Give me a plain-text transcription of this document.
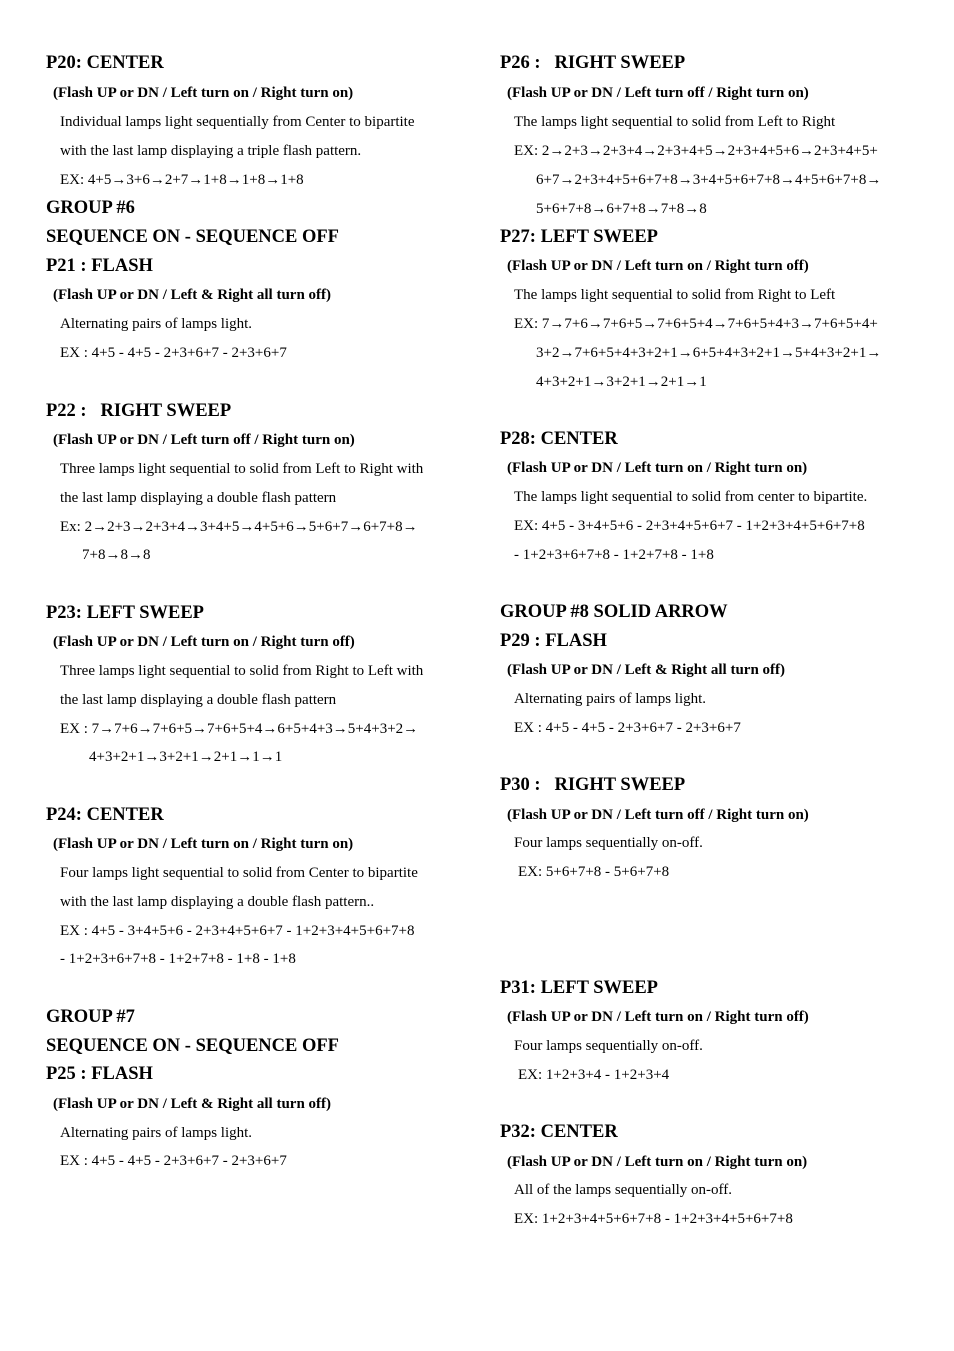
P20: CENTER
(Flash UP or DN / Left turn on / Right turn on)
Individual lamps light sequentially from Center to bipartite
with the last lamp displaying a triple flash pattern.
EX: 4+5→3+6→2+7→1+8→1+8→1+8
GROUP #6
SEQUENCE ON - SEQUENCE OFF
P21 : FLASH
(Flash UP or DN / Left & Right all turn off)
Alternating pairs of lamps light.
EX : 4+5 - 4+5 - 2+3+6+7 - 2+3+6+7
P22 :   RIGHT SWEEP
(Flash UP or DN / Left turn off / Right turn on)
Three lamps light sequential to solid from Left to Right with
the last lamp displaying a double flash pattern
Ex: 2→2+3→2+3+4→3+4+5→4+5+6→5+6+7→6+7+8→
7+8→8→8
P23: LEFT SWEEP
(Flash UP or DN / Left turn on / Right turn off)
Three lamps light sequential to solid from Right to Left with
the last lamp displaying a double flash pattern
EX : 7→7+6→7+6+5→7+6+5+4→6+5+4+3→5+4+3+2→
4+3+2+1→3+2+1→2+1→1→1
P24: CENTER
(Flash UP or DN / Left turn on / Right turn on)
Four lamps light sequential to solid from Center to bipartite
with the last lamp displaying a double flash pattern..
EX : 4+5 - 3+4+5+6 - 2+3+4+5+6+7 - 1+2+3+4+5+6+7+8
- 1+2+3+6+7+8 - 1+2+7+8 - 1+8 - 1+8
GROUP #7
SEQUENCE ON - SEQUENCE OFF
P25 : FLASH
(Flash UP or DN / Left & Right all turn off)
Alternating pairs of lamps light.
EX : 4+5 - 4+5 - 2+3+6+7 - 2+3+6+7
P26 :   RIGHT SWEEP
(Flash UP or DN / Left turn off / Right turn on)
The lamps light sequential to solid from Left to Right
EX: 2→2+3→2+3+4→2+3+4+5→2+3+4+5+6→2+3+4+5+
6+7→2+3+4+5+6+7+8→3+4+5+6+7+8→4+5+6+7+8→
5+6+7+8→6+7+8→7+8→8
P27: LEFT SWEEP
(Flash UP or DN / Left turn on / Right turn off)
The lamps light sequential to solid from Right to Left
EX: 7→7+6→7+6+5→7+6+5+4→7+6+5+4+3→7+6+5+4+
3+2→7+6+5+4+3+2+1→6+5+4+3+2+1→5+4+3+2+1→
4+3+2+1→3+2+1→2+1→1
P28: CENTER
(Flash UP or DN / Left turn on / Right turn on)
The lamps light sequential to solid from center to bipartite.
EX: 4+5 - 3+4+5+6 - 2+3+4+5+6+7 - 1+2+3+4+5+6+7+8
- 1+2+3+6+7+8 - 1+2+7+8 - 1+8
GROUP #8 SOLID ARROW
P29 : FLASH
(Flash UP or DN / Left & Right all turn off)
Alternating pairs of lamps light.
EX : 4+5 - 4+5 - 2+3+6+7 - 2+3+6+7
P30 :   RIGHT SWEEP
(Flash UP or DN / Left turn off / Right turn on)
Four lamps sequentially on-off.
EX: 5+6+7+8 - 5+6+7+8
P31: LEFT SWEEP
(Flash UP or DN / Left turn on / Right turn off)
Four lamps sequentially on-off.
EX: 1+2+3+4 - 1+2+3+4
P32: CENTER
(Flash UP or DN / Left turn on / Right turn on)
All of the lamps sequentially on-off.
EX: 1+2+3+4+5+6+7+8 - 1+2+3+4+5+6+7+8
